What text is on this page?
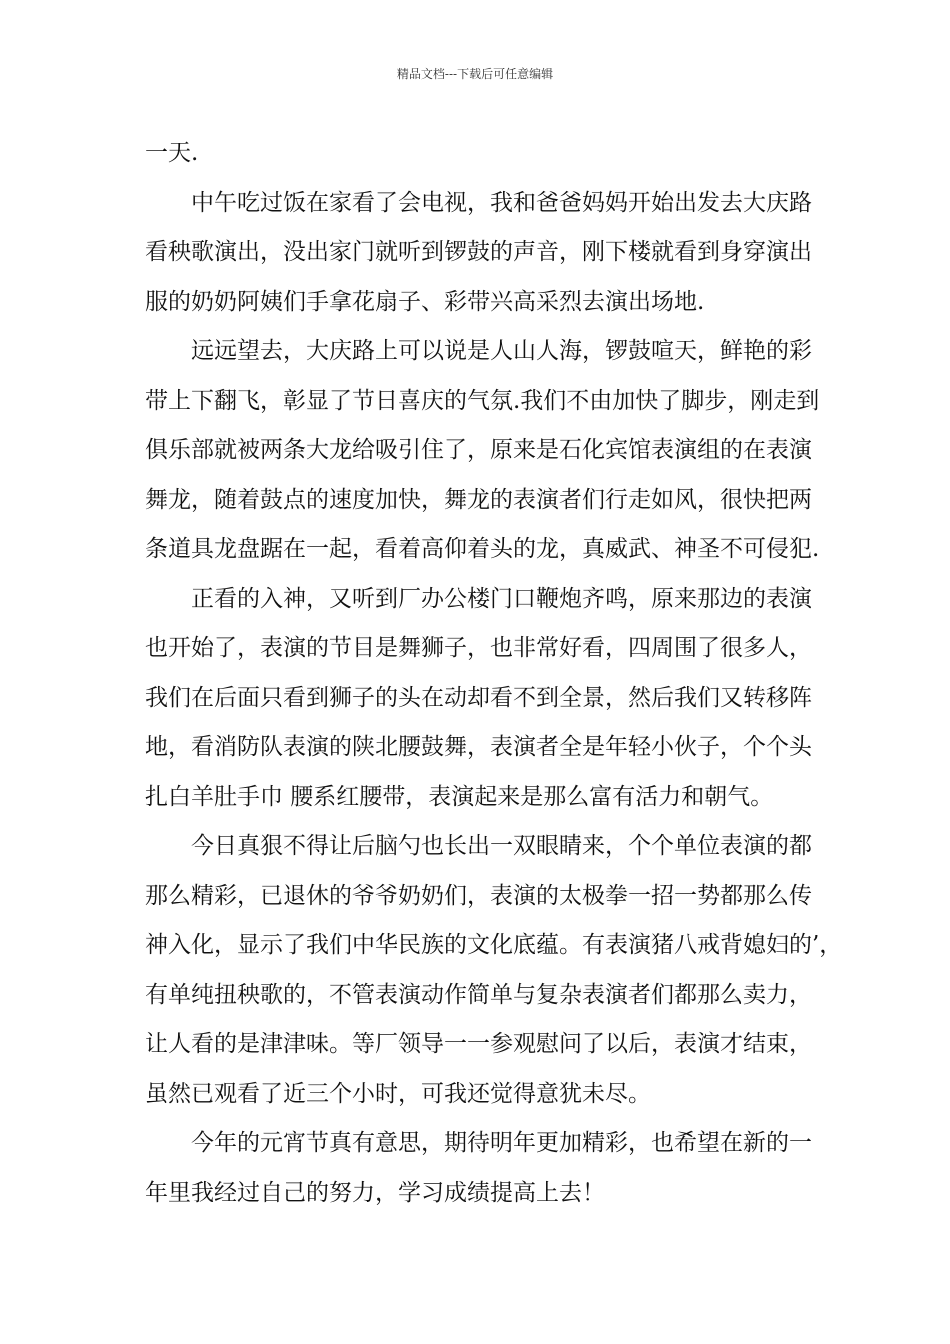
精品文档---下载后可任意编辑
一天.
中午吃过饭在家看了会电视，我和爸爸妈妈开始出发去大庆路
看秧歌演出，没出家门就听到锣鼓的声音，刚下楼就看到身穿演出
服的奶奶阿姨们手拿花扇子、彩带兴高采烈去演出场地.
远远望去，大庆路上可以说是人山人海，锣鼓喧天，鲜艳的彩
带上下翻飞，彰显了节日喜庆的气氛.我们不由加快了脚步，刚走到
俱乐部就被两条大龙给吸引住了，原来是石化宾馆表演组的在表演
舞龙，随着鼓点的速度加快，舞龙的表演者们行走如风，很快把两
条道具龙盘踞在一起，看着高仰着头的龙，真威武、神圣不可侵犯.
正看的入神，又听到厂办公楼门口鞭炮齐鸣，原来那边的表演
也开始了，表演的节目是舞狮子，也非常好看，四周围了很多人，
我们在后面只看到狮子的头在动却看不到全景，然后我们又转移阵
地，看消防队表演的陕北腰鼓舞，表演者全是年轻小伙子，个个头
扎白羊肚手巾 腰系红腰带，表演起来是那么富有活力和朝气。
今日真狠不得让后脑勺也长出一双眼睛来，个个单位表演的都
那么精彩，已退休的爷爷奶奶们，表演的太极拳一招一势都那么传
神入化，显示了我们中华民族的文化底蕴。有表演猪八戒背媳妇的’，
有单纯扭秧歌的，不管表演动作简单与复杂表演者们都那么卖力，
让人看的是津津味。等厂领导一一参观慰问了以后，表演才结束，
虽然已观看了近三个小时，可我还觉得意犹未尽。
今年的元宵节真有意思，期待明年更加精彩，也希望在新的一
年里我经过自己的努力，学习成绩提高上去！
